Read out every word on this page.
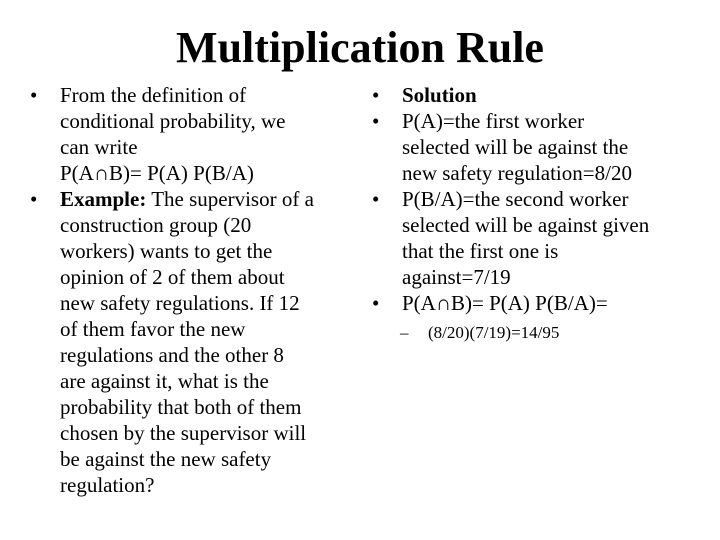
Multiplication Rule
•	From the definition of
conditional probability, we
can write
P(A∩B)= P(A) P(B/A)
•	Example: The supervisor of a
construction group (20
workers) wants to get the
opinion of 2 of them about
new safety regulations. If 12
of them favor the new
regulations and the other 8
are against it, what is the
probability that both of them
chosen by the supervisor will
be against the new safety
regulation?
•	Solution
•	P(A)=the first worker
selected will be against the
new safety regulation=8/20
•	P(B/A)=the second worker
selected will be against given
that the first one is
against=7/19
•	P(A∩B)= P(A) P(B/A)=
– (8/20)(7/19)=14/95
